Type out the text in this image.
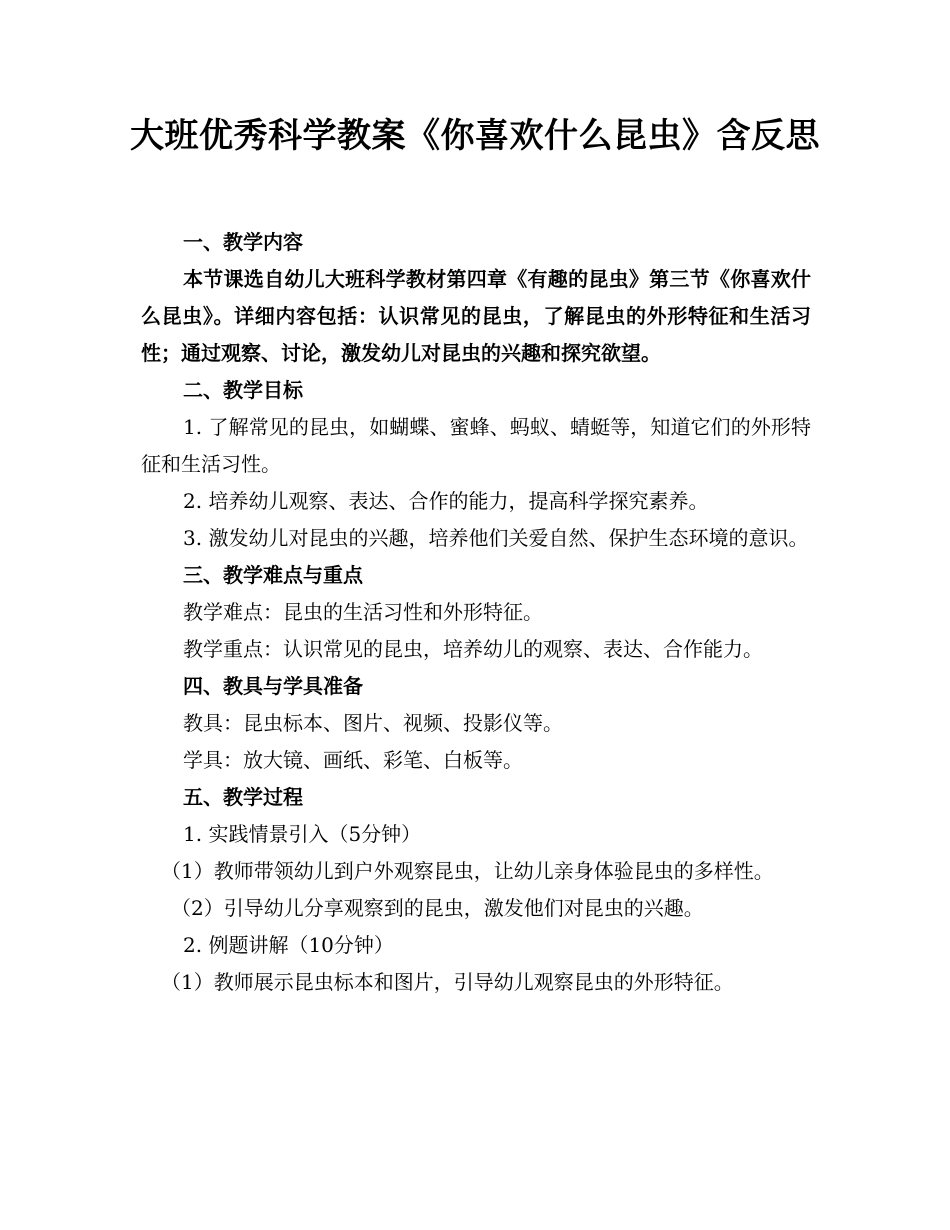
大班优秀科学教案《你喜欢什么昆虫》含反思

一、教学内容

本节课选自幼儿大班科学教材第四章《有趣的昆虫》第三节《你喜欢什么昆虫》。详细内容包括：认识常见的昆虫，了解昆虫的外形特征和生活习性；通过观察、讨论，激发幼儿对昆虫的兴趣和探究欲望。

二、教学目标

1. 了解常见的昆虫，如蝴蝶、蜜蜂、蚂蚁、蜻蜓等，知道它们的外形特征和生活习性。

2. 培养幼儿观察、表达、合作的能力，提高科学探究素养。

3. 激发幼儿对昆虫的兴趣，培养他们关爱自然、保护生态环境的意识。

三、教学难点与重点

教学难点：昆虫的生活习性和外形特征。

教学重点：认识常见的昆虫，培养幼儿的观察、表达、合作能力。

四、教具与学具准备

教具：昆虫标本、图片、视频、投影仪等。

学具：放大镜、画纸、彩笔、白板等。

五、教学过程

1. 实践情景引入（5分钟）

（1）教师带领幼儿到户外观察昆虫，让幼儿亲身体验昆虫的多样性。

（2）引导幼儿分享观察到的昆虫，激发他们对昆虫的兴趣。

2. 例题讲解（10分钟）

（1）教师展示昆虫标本和图片，引导幼儿观察昆虫的外形特征。
